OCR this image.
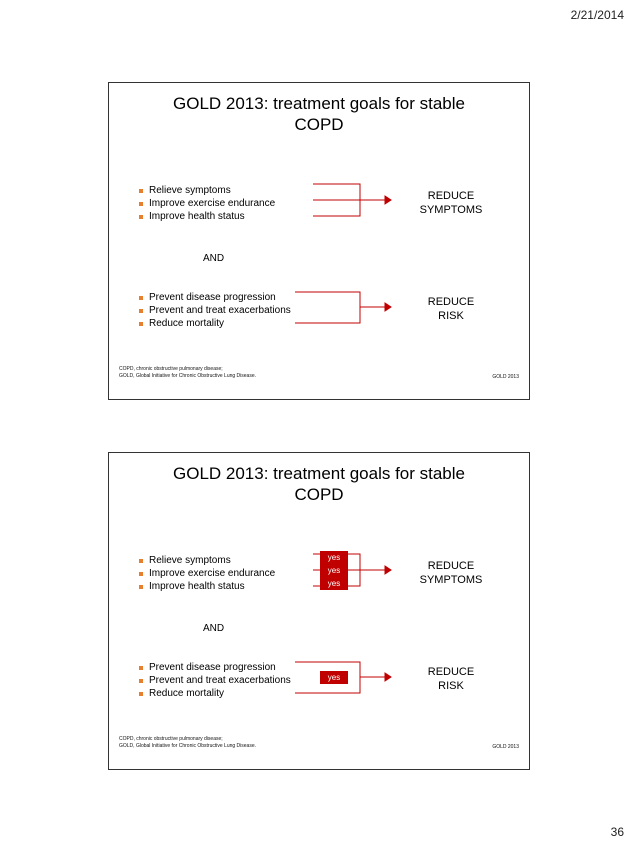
2/21/2014
GOLD 2013: treatment goals for stable
COPD
Relieve symptoms
Improve exercise endurance
Improve health status
REDUCE
SYMPTOMS
AND
Prevent disease progression
Prevent and treat exacerbations
Reduce mortality
REDUCE
RISK
COPD, chronic obstructive pulmonary disease;
GOLD, Global Initiative for Chronic Obstructive Lung Disease.	GOLD 2013
GOLD 2013: treatment goals for stable
COPD
Relieve symptoms
Improve exercise endurance
Improve health status
yes
yes
yes
yes
REDUCE
SYMPTOMS
AND
Prevent disease progression
Prevent and treat exacerbations
Reduce mortality
REDUCE
RISK
COPD, chronic obstructive pulmonary disease;
GOLD, Global Initiative for Chronic Obstructive Lung Disease.	GOLD 2013
36
